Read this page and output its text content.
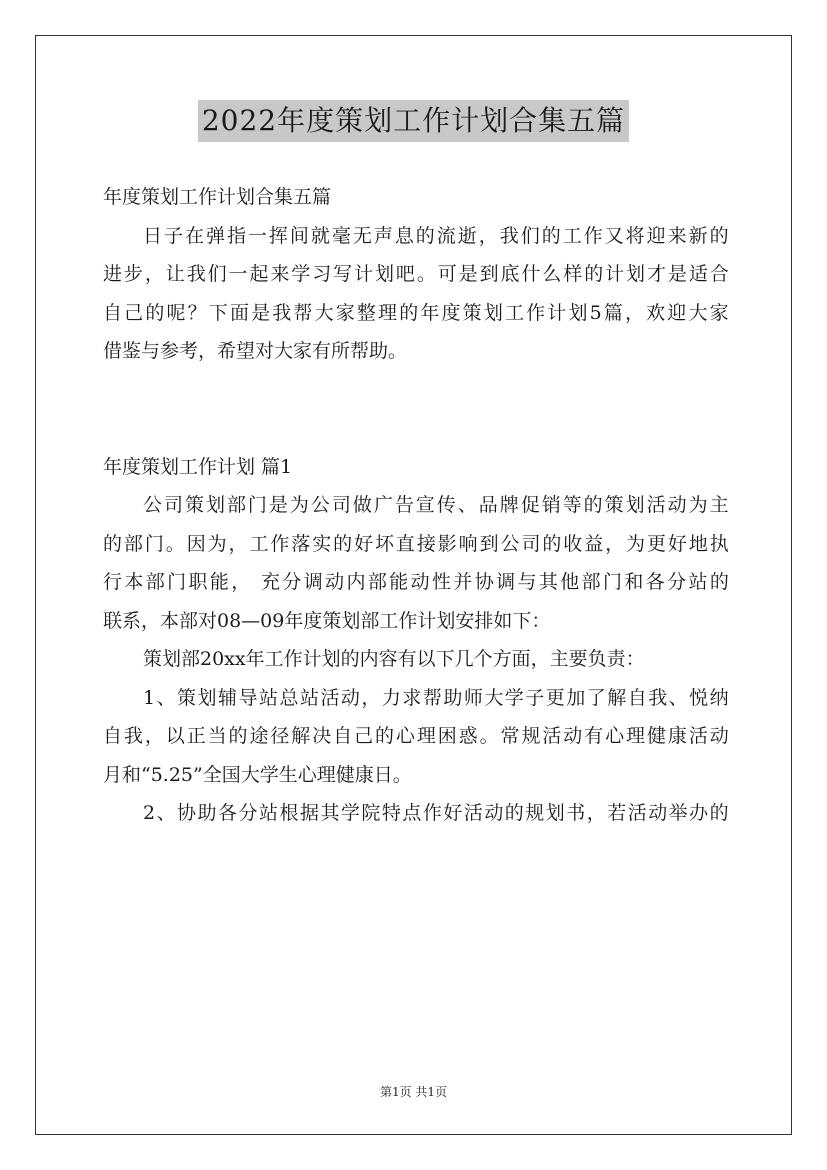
2022年度策划工作计划合集五篇
年度策划工作计划合集五篇
日 子 在 弹 指 一 挥 间 就 毫 无 声 息 的 流 逝 ， 我 们 的 工 作 又 将 迎 来 新 的
进 步 ， 让 我 们 一 起 来 学 习 写 计 划 吧 。 可 是 到 底 什 么 样 的 计 划 才 是 适 合
自 己 的 呢 ？ 下 面 是 我 帮 大 家 整 理 的 年 度 策 划 工 作 计 划 5 篇 ， 欢 迎 大 家
借鉴与参考，希望对大家有所帮助。
年度策划工作计划 篇1
公 司 策 划 部 门 是 为 公 司 做 广 告 宣 传 、 品 牌 促 销 等 的 策 划 活 动 为 主
的 部 门 。 因 为 ， 工 作 落 实 的 好 坏 直 接 影 响 到 公 司 的 收 益 ， 为 更 好 地 执
行 本 部 门 职 能 ，
充 分 调 动 内 部 能 动 性 并 协 调 与 其 他 部 门 和 各 分 站 的
联系，本部对08—09年度策划部工作计划安排如下：
策划部20xx年工作计划的内容有以下几个方面，主要负责：
1 、 策 划 辅 导 站 总 站 活 动 ， 力 求 帮 助 师 大 学 子 更 加 了 解 自 我 、 悦 纳
自 我 ， 以 正 当 的 途 径 解 决 自 己 的 心 理 困 惑 。 常 规 活 动 有 心 理 健 康 活 动
月和“5.25”全国大学生心理健康日。
2 、 协 助 各 分 站 根 据 其 学 院 特 点 作 好 活 动 的 规 划 书 ， 若 活 动 举 办 的
第1页 共1页
